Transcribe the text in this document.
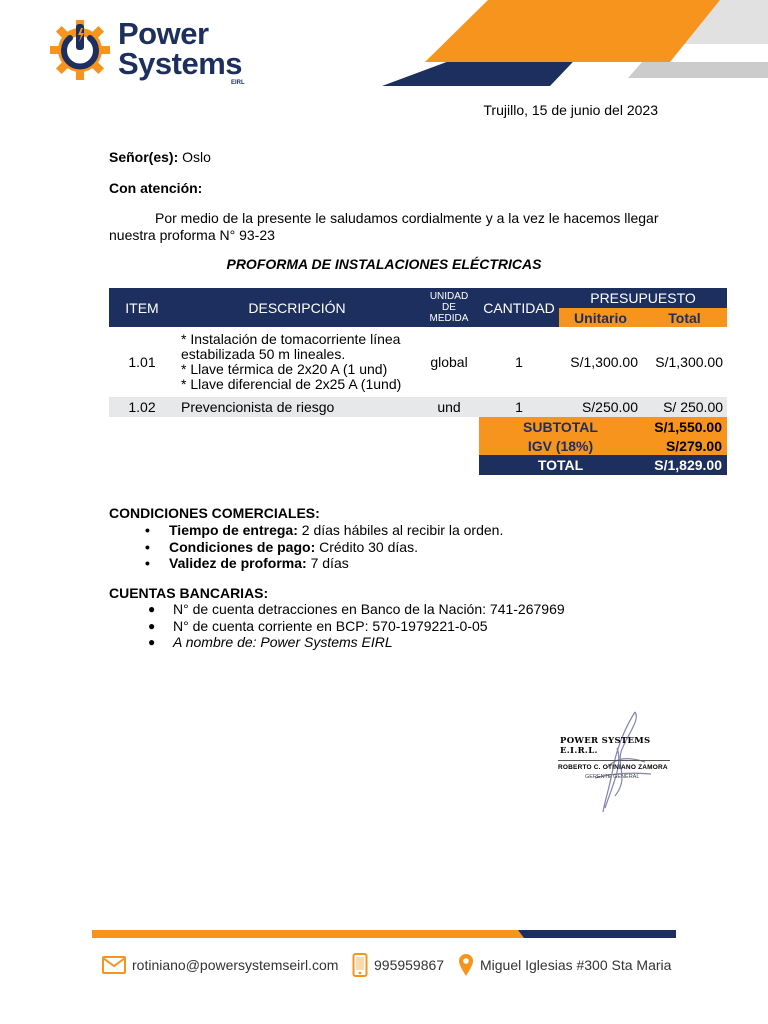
Power
Systems
EIRL
Trujillo, 15 de junio del 2023
Señor(es): Oslo
Con atención:
Por medio de la presente le saludamos cordialmente y a la vez le hacemos llegar nuestra proforma N° 93-23
PROFORMA DE INSTALACIONES ELÉCTRICAS
ITEM	DESCRIPCIÓN	UNIDAD
DE
MEDIDA	CANTIDAD	PRESUPUESTO	
				Unitario	Total
1.01	* Instalación de tomacorriente línea
estabilizada 50 m lineales.
* Llave térmica de 2x20 A (1 und)
* Llave diferencial de 2x25 A (1und)	global	1	S/1,300.00	S/1,300.00
1.02	Prevencionista de riesgo	und	1	S/250.00	S/ 250.00
			SUBTOTAL		S/1,550.00
			IGV (18%)		S/279.00
			TOTAL		S/1,829.00
CONDICIONES COMERCIALES:
• Tiempo de entrega: 2 días hábiles al recibir la orden.
• Condiciones de pago: Crédito 30 días.
• Validez de proforma: 7 días
CUENTAS BANCARIAS:
● N° de cuenta detracciones en Banco de la Nación: 741-267969
● N° de cuenta corriente en BCP: 570-1979221-0-05
● A nombre de: Power Systems EIRL
POWER SYSTEMS E.I.R.L.
ROBERTO C. OTINIANO ZAMORA
GERENTE GENERAL
rotiniano@powersystemseirl.com	995959867	Miguel Iglesias #300 Sta Maria
